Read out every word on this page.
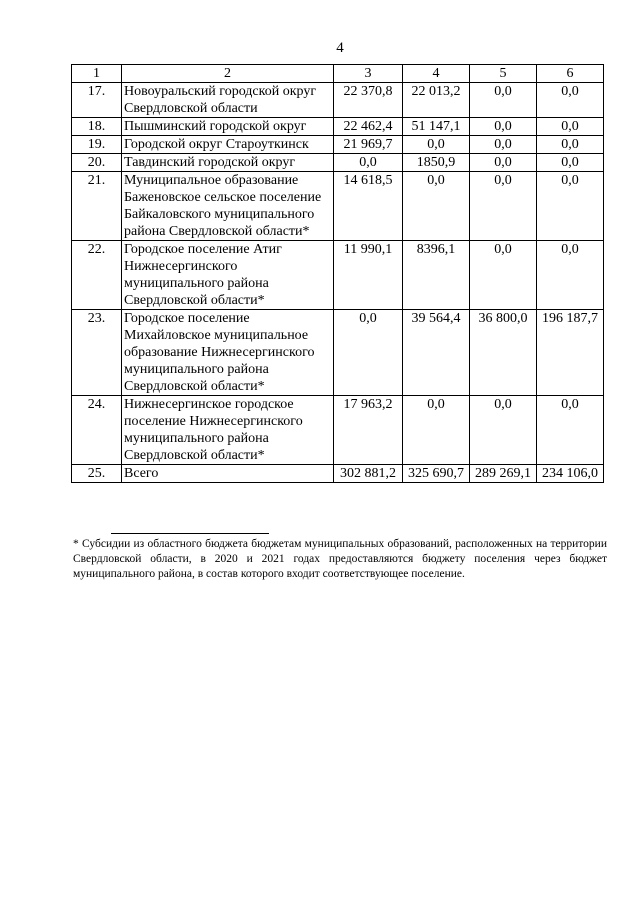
4
1	2	3	4	5	6
17.	Новоуральский городской округ Свердловской области	22 370,8	22 013,2	0,0	0,0
18.	Пышминский городской округ	22 462,4	51 147,1	0,0	0,0
19.	Городской округ Староуткинск	21 969,7	0,0	0,0	0,0
20.	Тавдинский городской округ	0,0	1850,9	0,0	0,0
21.	Муниципальное образование Баженовское сельское поселение Байкаловского муниципального района Свердловской области*	14 618,5	0,0	0,0	0,0
22.	Городское поселение Атиг Нижнесергинского муниципального района Свердловской области*	11 990,1	8396,1	0,0	0,0
23.	Городское поселение Михайловское муниципальное образование Нижнесергинского муниципального района Свердловской области*	0,0	39 564,4	36 800,0	196 187,7
24.	Нижнесергинское городское поселение Нижнесергинского муниципального района Свердловской области*	17 963,2	0,0	0,0	0,0
25.	Всего	302 881,2	325 690,7	289 269,1	234 106,0
* Субсидии из областного бюджета бюджетам муниципальных образований, расположенных на территории Свердловской области, в 2020 и 2021 годах предоставляются бюджету поселения через бюджет муниципального района, в состав которого входит соответствующее поселение.
